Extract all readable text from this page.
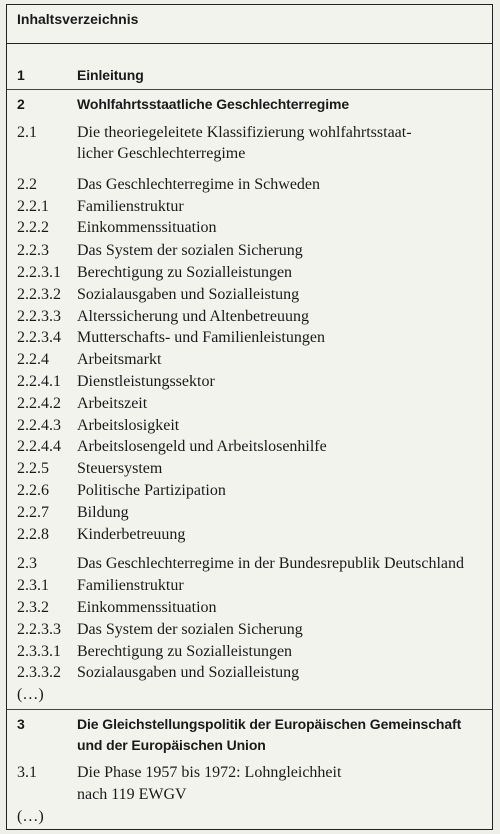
Inhaltsverzeichnis
1	Einleitung
2	Wohlfahrtsstaatliche Geschlechterregime
2.1	Die theoriegeleitete Klassifizierung wohlfahrtsstaat-
licher Geschlechterregime
2.2	Das Geschlechterregime in Schweden
2.2.1 Familienstruktur
2.2.2 Einkommenssituation
2.2.3 Das System der sozialen Sicherung
2.2.3.1 Berechtigung zu Sozialleistungen
2.2.3.2 Sozialausgaben und Sozialleistung
2.2.3.3 Alterssicherung und Altenbetreuung
2.2.3.4 Mutterschafts- und Familienleistungen
2.2.4 Arbeitsmarkt
2.2.4.1 Dienstleistungssektor
2.2.4.2 Arbeitszeit
2.2.4.3 Arbeitslosigkeit
2.2.4.4 Arbeitslosengeld und Arbeitslosenhilfe
2.2.5 Steuersystem
2.2.6 Politische Partizipation
2.2.7 Bildung
2.2.8 Kinderbetreuung
2.3	Das Geschlechterregime in der Bundesrepublik Deutschland
2.3.1 Familienstruktur
2.3.2 Einkommenssituation
2.2.3.3 Das System der sozialen Sicherung
2.3.3.1 Berechtigung zu Sozialleistungen
2.3.3.2 Sozialausgaben und Sozialleistung
(…)
3	Die Gleichstellungspolitik der Europäischen Gemeinschaft
und der Europäischen Union
3.1	Die Phase 1957 bis 1972: Lohngleichheit
nach 119 EWGV
(…)
